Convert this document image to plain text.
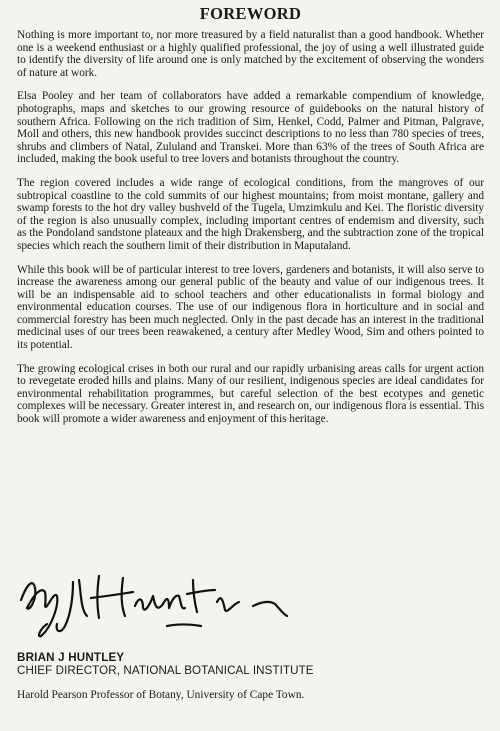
FOREWORD

Nothing is more important to, nor more treasured by a field naturalist than a good handbook. Whether one is a weekend enthusiast or a highly qualified professional, the joy of using a well illustrated guide to identify the diversity of life around one is only matched by the excitement of observing the wonders of nature at work.

Elsa Pooley and her team of collaborators have added a remarkable compendium of knowledge, photographs, maps and sketches to our growing resource of guidebooks on the natural history of southern Africa. Following on the rich tradition of Sim, Henkel, Codd, Palmer and Pitman, Palgrave, Moll and others, this new handbook provides succinct descriptions to no less than 780 species of trees, shrubs and climbers of Natal, Zululand and Transkei. More than 63% of the trees of South Africa are included, making the book useful to tree lovers and botanists throughout the country.

The region covered includes a wide range of ecological conditions, from the mangroves of our subtropical coastline to the cold summits of our highest mountains; from moist montane, gallery and swamp forests to the hot dry valley bushveld of the Tugela, Umzimkulu and Kei. The floristic diversity of the region is also unusually complex, including important centres of endemism and diversity, such as the Pondoland sandstone plateaux and the high Drakensberg, and the subtraction zone of the tropical species which reach the southern limit of their distribution in Maputaland.

While this book will be of particular interest to tree lovers, gardeners and botanists, it will also serve to increase the awareness among our general public of the beauty and value of our indigenous trees. It will be an indispensable aid to school teachers and other educationalists in formal biology and environmental education courses. The use of our indigenous flora in horticulture and in social and commercial forestry has been much neglected. Only in the past decade has an interest in the traditional medicinal uses of our trees been reawakened, a century after Medley Wood, Sim and others pointed to its potential.

The growing ecological crises in both our rural and our rapidly urbanising areas calls for urgent action to revegetate eroded hills and plains. Many of our resilient, indigenous species are ideal candidates for environmental rehabilitation programmes, but careful selection of the best ecotypes and genetic complexes will be necessary. Greater interest in, and research on, our indigenous flora is essential. This book will promote a wider awareness and enjoyment of this heritage.

BRIAN J HUNTLEY
CHIEF DIRECTOR, NATIONAL BOTANICAL INSTITUTE
Harold Pearson Professor of Botany, University of Cape Town.
